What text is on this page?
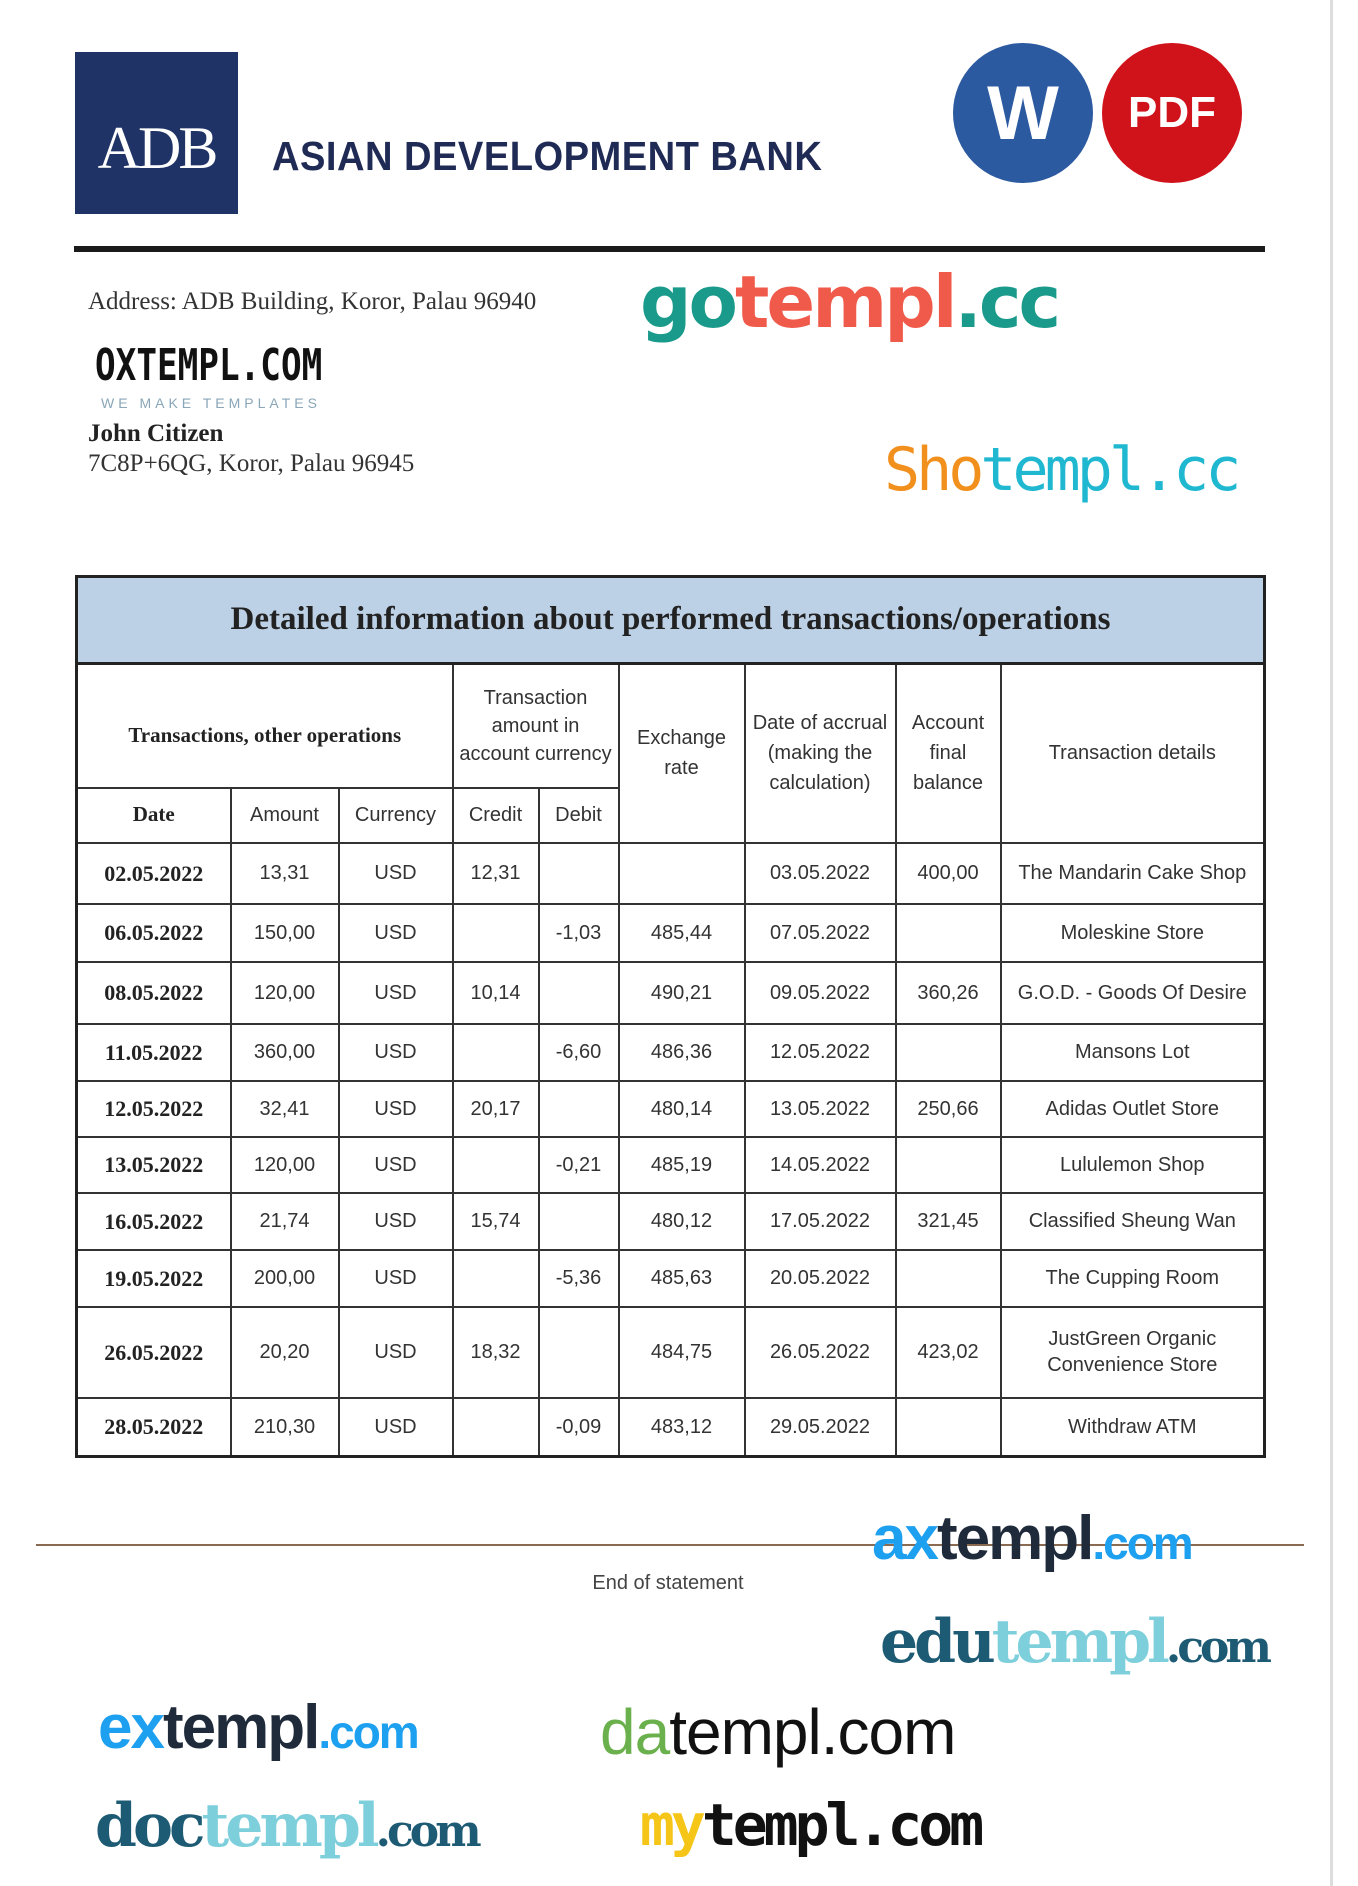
ADB	ASIAN DEVELOPMENT BANK
W	PDF
Address: ADB Building, Koror, Palau 96940
John Citizen
7C8P+6QG, Koror, Palau 96945
Detailed information about performed transactions/operations								
Transactions, other operations			Transaction amount in account currency		Exchange rate	Date of accrual (making the calculation)	Account final balance	Transaction details
Date	Amount	Currency	Credit	Debit				
02.05.2022	13,31	USD	12,31			03.05.2022	400,00	The Mandarin Cake Shop
06.05.2022	150,00	USD		-1,03	485,44	07.05.2022		Moleskine Store
08.05.2022	120,00	USD	10,14		490,21	09.05.2022	360,26	G.O.D. - Goods Of Desire
11.05.2022	360,00	USD		-6,60	486,36	12.05.2022		Mansons Lot
12.05.2022	32,41	USD	20,17		480,14	13.05.2022	250,66	Adidas Outlet Store
13.05.2022	120,00	USD		-0,21	485,19	14.05.2022		Lululemon Shop
16.05.2022	21,74	USD	15,74		480,12	17.05.2022	321,45	Classified Sheung Wan
19.05.2022	200,00	USD		-5,36	485,63	20.05.2022		The Cupping Room
26.05.2022	20,20	USD	18,32		484,75	26.05.2022	423,02	JustGreen Organic Convenience Store
28.05.2022	210,30	USD		-0,09	483,12	29.05.2022		Withdraw ATM
End of statement
gotempl.cc
Shotempl.cc
OXTEMPL.COM
WE MAKE TEMPLATES
datempl.com
mytempl.com
doctempl.com
edutempl.com
axtempl.com
extempl.com
